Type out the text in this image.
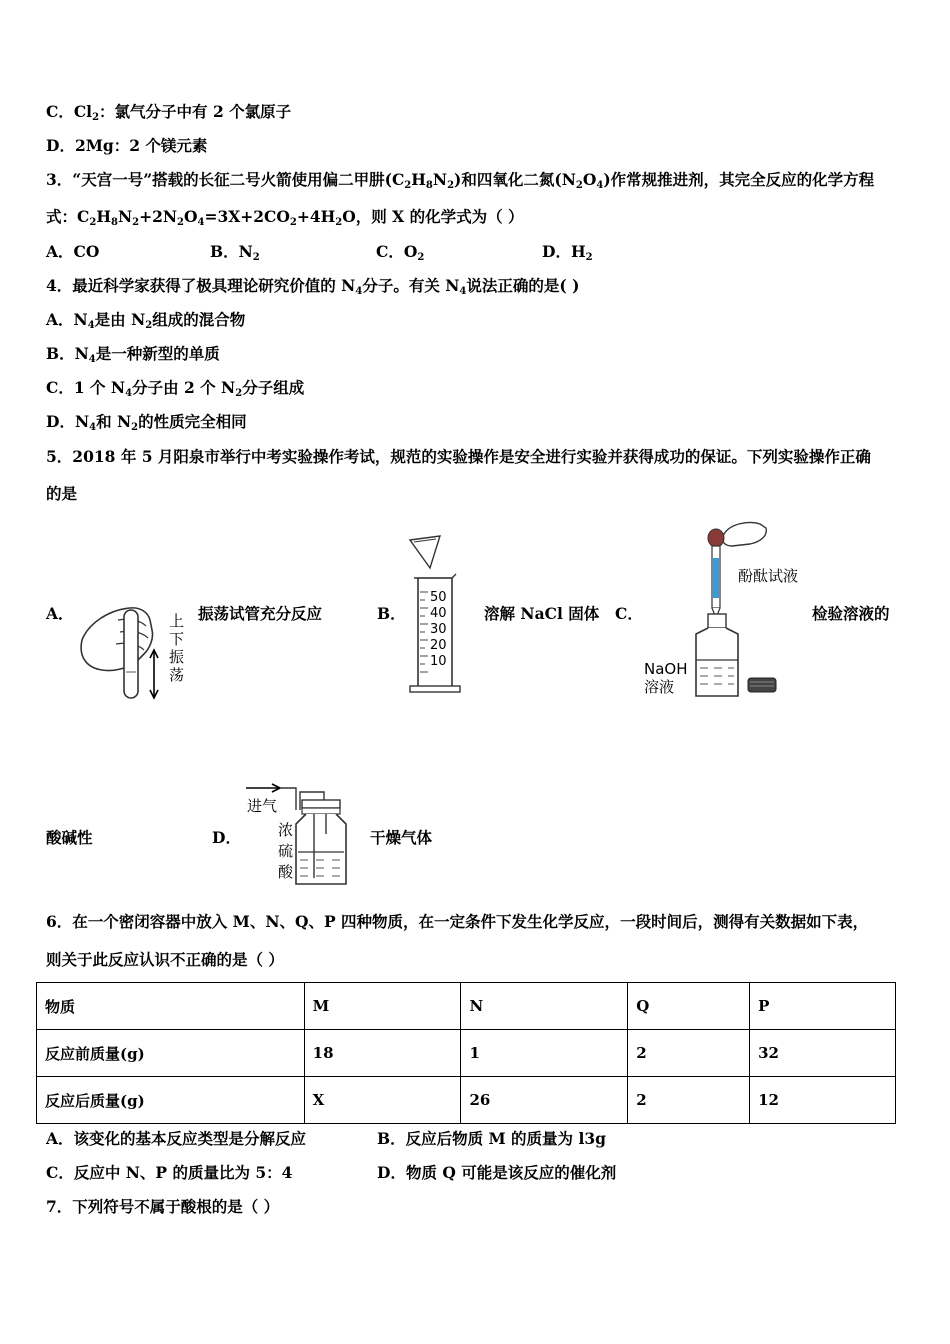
C．$Cl_2$：氯气分子中有 2 个氯原子
D．2Mg：2 个镁元素
3．“天宫一号”搭载的长征二号火箭使用偏二甲肼$(C_2H_8N_2)$和四氧化二氮$(N_2O_4)$作常规推进剂，其完全反应的化学方程
式：$C_2H_8N_2+2N_2O_4=3X+2CO_2+4H_2O$，则 X 的化学式为（ ）
A．CO	B．$N_2$	C．$O_2$	D．$H_2$
4．最近科学家获得了极具理论研究价值的 $N_4$分子。有关 $N_4$说法正确的是( )
A．$N_4$是由 $N_2$组成的混合物
B．$N_4$是一种新型的单质
C．1 个 $N_4$分子由 2 个 $N_2$分子组成
D．$N_4$和 $N_2$的性质完全相同
5．2018 年 5 月阳泉市举行中考实验操作考试，规范的实验操作是安全进行实验并获得成功的保证。下列实验操作正确
的是
A．	上
下
振
荡
振荡试管充分反应	B．
50
40
30
20
10
溶解 NaCl 固体 C．
酚酞试液
NaOH
溶液
检验溶液的
酸碱性	D．
进气
浓
硫
酸
干燥气体
6．在一个密闭容器中放入 M、N、Q、P 四种物质，在一定条件下发生化学反应，一段时间后，测得有关数据如下表，
则关于此反应认识不正确的是（ ）
物质	M	N	Q	P
反应前质量(g)	18	1	2	32
反应后质量(g)	X	26	2	12
A．该变化的基本反应类型是分解反应	B．反应后物质 M 的质量为 l3g
C．反应中 N、P 的质量比为 5：4	D．物质 Q 可能是该反应的催化剂
7．下列符号不属于酸根的是（ ）
